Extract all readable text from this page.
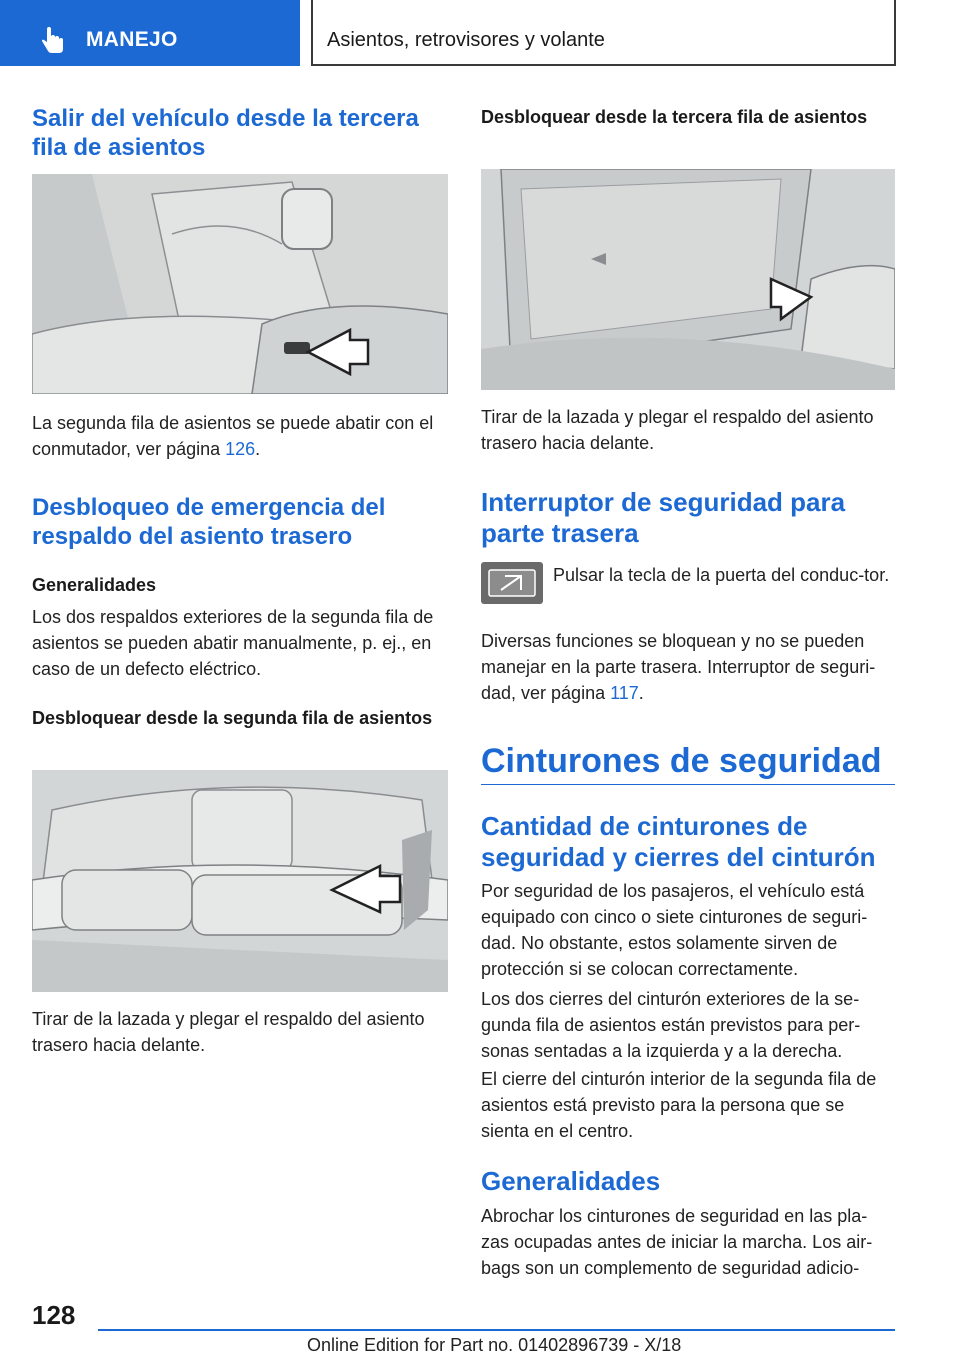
MANEJO	Asientos, retrovisores y volante
Salir del vehículo desde la tercera fila de asientos
La segunda fila de asientos se puede abatir con el conmutador, ver página 126.
Desbloqueo de emergencia del respaldo del asiento trasero
Generalidades
Los dos respaldos exteriores de la segunda fila de asientos se pueden abatir manualmente, p. ej., en caso de un defecto eléctrico.
Desbloquear desde la segunda fila de asientos
Tirar de la lazada y plegar el respaldo del asiento trasero hacia delante.
Desbloquear desde la tercera fila de asientos
Tirar de la lazada y plegar el respaldo del asiento trasero hacia delante.
Interruptor de seguridad para parte trasera
Pulsar la tecla de la puerta del conduc-tor.
Diversas funciones se bloquean y no se pueden manejar en la parte trasera. Interruptor de seguri-dad, ver página 117.
Cinturones de seguridad
Cantidad de cinturones de seguridad y cierres del cinturón
Por seguridad de los pasajeros, el vehículo está equipado con cinco o siete cinturones de seguri-dad. No obstante, estos solamente sirven de protección si se colocan correctamente.
Los dos cierres del cinturón exteriores de la se-gunda fila de asientos están previstos para per-sonas sentadas a la izquierda y a la derecha.
El cierre del cinturón interior de la segunda fila de asientos está previsto para la persona que se sienta en el centro.
Generalidades
Abrochar los cinturones de seguridad en las pla-zas ocupadas antes de iniciar la marcha. Los air-bags son un complemento de seguridad adicio-
128
Online Edition for Part no. 01402896739 - X/18
